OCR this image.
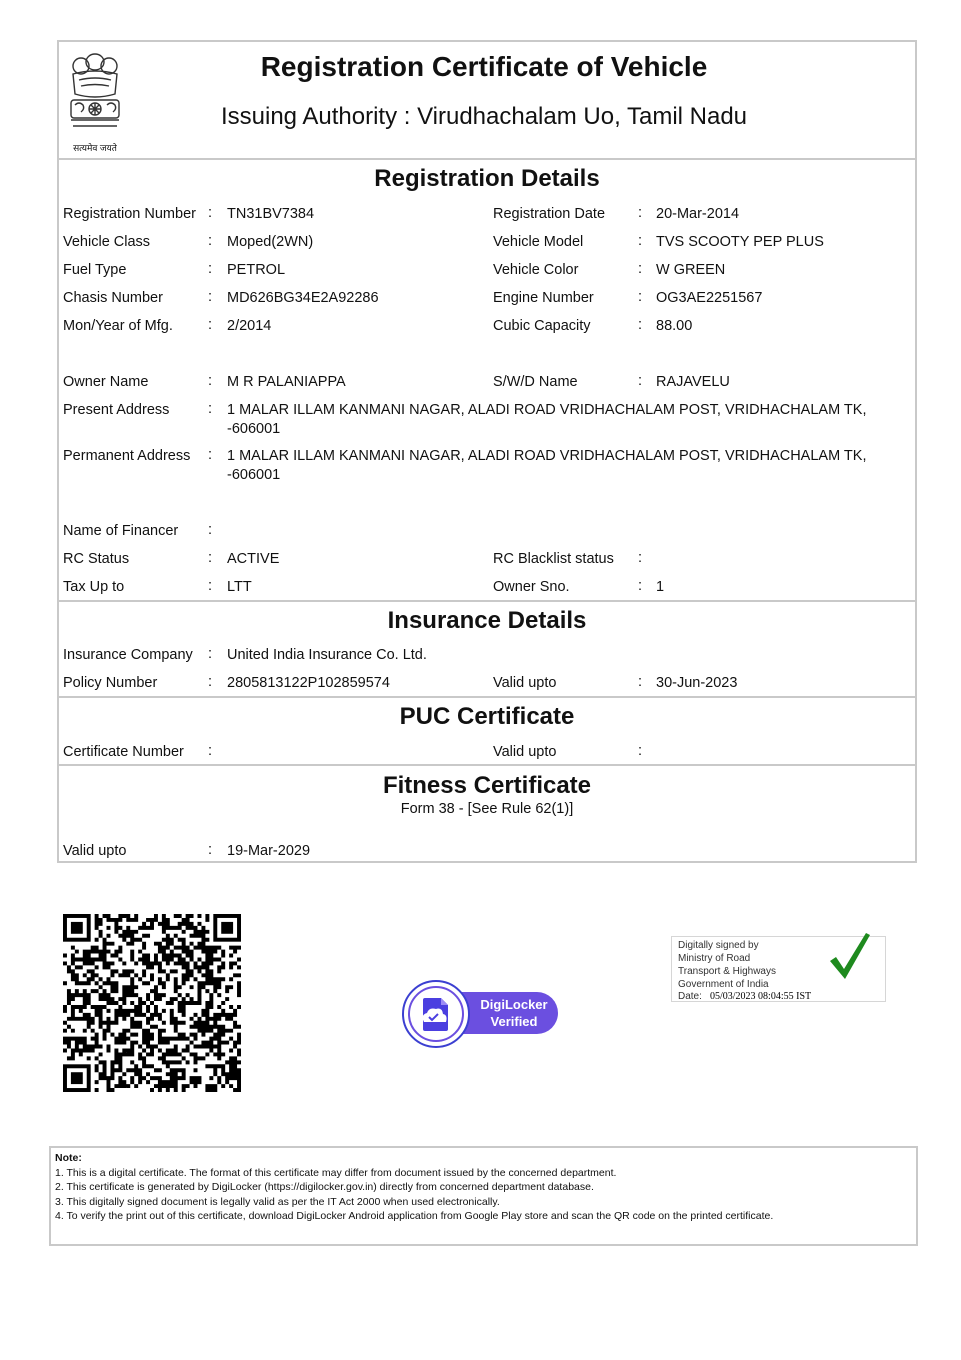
सत्यमेव जयते
Registration Certificate of Vehicle
Issuing Authority : Virudhachalam Uo, Tamil Nadu
Registration Details
Registration Number : TN31BV7384	Registration Date : 20-Mar-2014
Vehicle Class	: Moped(2WN)	Vehicle Model	: TVS SCOOTY PEP PLUS
Fuel Type	: PETROL	Vehicle Color	: W GREEN
Chasis Number	: MD626BG34E2A92286	Engine Number	: OG3AE2251567
Mon/Year of Mfg. : 2/2014	Cubic Capacity	: 88.00
Owner Name	: M R PALANIAPPA	S/W/D Name	: RAJAVELU
Present Address	: 1 MALAR ILLAM KANMANI NAGAR, ALADI ROAD VRIDHACHALAM POST, VRIDHACHALAM TK, -606001
Permanent Address : 1 MALAR ILLAM KANMANI NAGAR, ALADI ROAD VRIDHACHALAM POST, VRIDHACHALAM TK, -606001
Name of Financer :
RC Status	: ACTIVE	RC Blacklist status :
Tax Up to	: LTT	Owner Sno.	: 1
Insurance Details
Insurance Company : United India Insurance Co. Ltd.
Policy Number	: 2805813122P102859574	Valid upto	: 30-Jun-2023
PUC Certificate
Certificate Number :	Valid upto	:
Fitness Certificate
Form 38 - [See Rule 62(1)]
Valid upto	: 19-Mar-2029
DigiLocker
Verified
Digitally signed by
Ministry of Road
Transport & Highways
Government of India
Date: 05/03/2023 08:04:55 IST
Note:
1. This is a digital certificate. The format of this certificate may differ from document issued by the concerned department.
2. This certificate is generated by DigiLocker (https://digilocker.gov.in) directly from concerned department database.
3. This digitally signed document is legally valid as per the IT Act 2000 when used electronically.
4. To verify the print out of this certificate, download DigiLocker Android application from Google Play store and scan the QR code on the printed certificate.
